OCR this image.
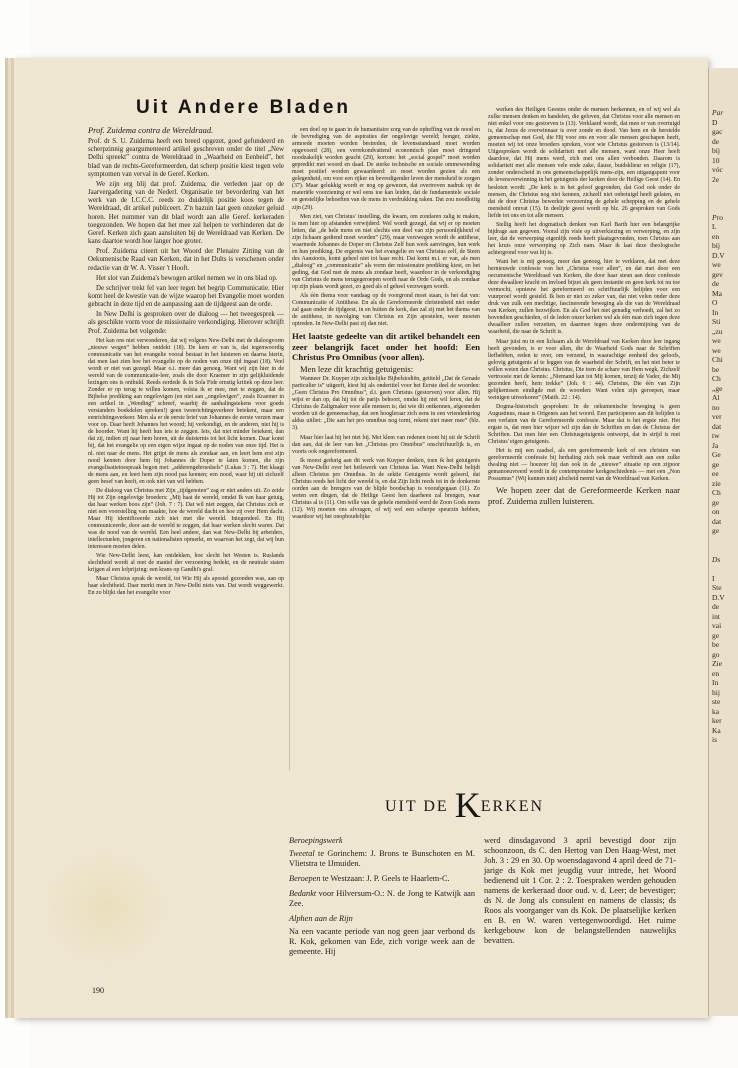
Uit Andere Bladen
Prof. Zuidema contra de Wereldraad.

Prof. dr S. U. Zuidema heeft een breed opgezet, goed gefundeerd en scherpzinnig geargumenteerd artikel geschreven onder de titel „New Delhi spreekt” contra de Wereldraad in „Waarheid en Eenheid”, het blad van de rechts-Gereformeerden, dat scherp positie kiest tegen vele symptomen van verval in de Geref. Kerken.

We zijn erg blij dat prof. Zuidema, die verleden jaar op de Jaarvergadering van de Nederl. Organisatie ter bevordering van het werk van de I.C.C.C. reeds zo duidelijk positie koos tegen de Wereldraad, dit artikel publiceert. Z'n bazuin laat geen onzeker geluid horen. Het nummer van dit blad wordt aan alle Geref. kerkeraden toegezonden. We hopen dat het mee zal helpen te verhinderen dat de Geref. Kerken zich gaan aansluiten bij de Wereldraad van Kerken. De kans daartoe wordt hoe langer hoe groter.

Prof. Zuidema citeert uit het Woord der Plenaire Zitting van de Oekumenische Raad van Kerken, dat in het Dults is verschenen onder redactie van dr W. A. Visser 't Hooft.

Het slot van Zuidema's bewogen artikel nemen we in ons blad op.

De schrijver trekt fel van leer tegen het begrip Communicatie. Hier komt heel de kwestie van de wijze waarop het Evangelie moet worden gebracht in deze tijd en de aanpassing aan de tijdgeest aan de orde.

In New Delhi is gesproken over de dialoog — het tweegesprek — als geschikte vorm voor de missionaire verkondiging. Hierover schrijft Prof. Zuidema het volgende:

Het kan ons niet verwonderen, dat wij volgens New-Delhi met de dialoogvorm „nieuwe wegen” hebben ontdekt (18). De kern er van is, dat tegenwoordig communicatie van het evangelie vooral bestaat in het luisteren en daarna hierin, dat men laat zien hoe het evangelie op de noden van onze tijd ingaat (18). Veel wordt er niet van gezegd. Maar o.i. meer dan genoeg. Want wij zijn hier in de wereld van de communicatie-leer, zoals die door Kraemer in zijn gelijkluidende lezingen ons is onthuld. Reeds eerdede ik in Sola Fide ernstig kritiek op deze leer. Zonder er op terug te willen komen, volsta ik er mee, met te zeggen, dat de Bijbelse prediking aan ongelovigen (en niet aan „ongelovigen”, zoals Kraemer in een artikel in „Wending” schreef, waarbij de aanhalingstekens voor goede verstanders boekdelen spreken!) geen tweerichtingsverkeer betekent, maar een eenrichtingsverkeer. Men sla er de eerste brief van Johannes de eerste verzen maar voor op. Daar heeft Johannes het woord; hij verkondigt, en de anderen, niet hij is de hoorder. Want hij heeft hun iets te zeggen. Iets, dat niet minder betekent, dan dat zij, indien zij naar hem horen, uit de duisternis tot het licht komen. Daar komt bij, dat het evangelie op een eigen wijze ingaat op de noden van onze tijd. Het is nl. niet naar de mens. Het grijpt de mens als zondaar aan, en leert hem erst zijn nood kennen door hem bij Johannes de Doper te laten komen, die zijn evangelisatietoespraak begon met: „adderengebroedsels” (Lukas 3 : 7). Het klaagt de mens aan, en leert hem zijn nood pas kennen; een nood, waar hij uit zichzelf geen besef van heeft, en ook niet van wil hebben.

De dialoog van Christus met Zijn „tijdgenoten” zag er niet anders uit. Zo zeide Hij tot Zijn ongelovige broeders: „Mij haat de wereld, omdat Ik van haar getuig, dat haar werken boos zijn” (Joh. 7 : 7). Dat wil niet zeggen, dat Christus zich er niet een voorstelling van maakte, hoe de wereld dacht en hoe zij over Hem dacht. Maar Hij identificeerde zich niet met die wereld. Integendeel. En Hij communiceerde, door aan de wereld te zeggen, dat haar werken slecht waren. Dat was de nood van de wereld. Een heel andere, dan wat New-Delhi bij arbeiders, intellectuelen, jongeren en nationalisten opmerkt, en waarvan het zegt, dat wij hun interessen moeten delen.

Wie New-Delhi leest, kan ontdekken, hoe slecht het Westen is. Ruslands slechtheid wordt al met de mantel der verzoening bedekt, en de neutrale staten krijgen al een lofprijzing: een krans op Gandhi's graf.

Maar Christus sprak de wereld, tot Wie Hij als apostel gezonden was, aan op haar slechtheid. Daar merkt men in New-Delhi niets van. Dat wordt weggewerkt. En zo blijkt dan het evangelie voor

een doel op te gaan in de humanitaire zorg van de opheffing van de nood en de bevrediging van de aspiraties der ongelovige wereld; honger, ziekte, armoede moeten worden bestreden, de levensstandaard moet worden opgevoerd (28), een verrekondvattend economisch plan moet dringend noodzakelijk worden geacht (29), kortom: het „social gospel” moet worden gepredikt met woord en daad. De sterke technische en sociale ommewending moet positief worden gewaardeerd: zo moet worden gezien als een gelegenheid, om voor een rijker en bevredigender leven der mensheid te zorgen (37). Maar gelukkig wordt er nog op gewezen, dat overtreven nadruk op de materiële voorziening er wel eens toe kan leiden, dat de fundamentele sociale en geestelijke behoeften van de mens in verdrukking raken. Dat zou noodlottig zijn (29).

Men ziet, van Christus' instelling, die kwam, om zondaren zalig te maken, is men hier op afstanden verwijderd. Wel wordt gezegd, dat wij er op moeten letten, dat „de hele mens en niet slechts een deel van zijn persoonlijkheid of zijn lichaam gediend moet worden” (29), maar verzwegen wordt de antithese, waarmede Johannes de Doper en Christus Zelf hun werk aanvingen, hun werk en hun prediking. De ergernis van het evangelie en van Christus zelf, de Steen des Aanstoots, komt geheel niet tot haar recht. Dat komt m.i. er van, als men „dialoog” en „communicatie” als vorm der missionaire prediking kiest, en het geding, dat God met de mens als zondaar heeft, waardoor in de verkondiging van Christus de mens terugegeroepen wordt naar de Orde Gods, en als zondaar op zijn plaats wordt gezet, zo goed als of geheel verzwegen wordt.

Als één thema voor vandaag op de voorgrond moet staan, is het dat van: Communicatie of Antithese. En als de Gereformeerde christenheid niet onder zal gaan onder de tijdgeest, in en buiten de kerk, dan zal zij met het thema van de antithese, in navolging van Christus en Zijn apostelen, weer moeten optreden. In New-Delhi past zij dan niet.

Het laatste gedeelte van dit artikel behandelt een zeer belangrijk facet onder het hoofd: Een Christus Pro Omnibus (voor allen).

Men leze dit krachtig getuigenis:

Wanneer Dr. Kuyper zijn zichtelijke Bijbelstodiën, getiteld „Dat de Genade particulier is” uitgeeft, kiest hij als ondertitel voor het Eerste deel de woorden: „Geen Christus Pro Omnibus”, d.i. geen Christus (gestorven) voor allen. Hij wijst er dan op, dat hij tot de parijs behoort, omdat hij niet wil leren, dat de Christus de Zaligmaker voor alle mensen is; dat wie dit ontkennen, afgesneden worden uit de gemeenschap, dat een hoogleraar zich eens in een vriendenkring aldus uitliet: „Die aan het pro omnibus nog tornt, rekent niet meer mee” (blz. 3).

Maar hier laat hij het niet bij. Met klem van redenen toont hij uit de Schrift dan aan, dat de leer van het „Christus pro Omnibus” onschriftuurlijk is, en voorts ook ongereformeerd.

Ik moest gedurig aan dit werk van Kuyper denken, toen ik het getuigenis van New-Delhi over het heilswerk van Christus las. Want New-Delhi belijdt alleen Christus pro Omnibus. In de sektie Getuigenis wordt geleerd, dat Christus reeds het licht der wereld is, en dat Zijn licht reeds tot in de donkerste oorden aan de brengers van de blijde boodschap is voorafgegaan (11). Zo weten een dingen, dat de Heilige Geest hen daarheen zal brengen, waar Christus al is (11). Om wille van de gehele mensheid werd de Zoon Gods mens (12). Wij moeten ons afvragen, of wij wel een scherpe speurzin hebben, waardoor wij het onophoudelijke

werken des Heiligen Geestes onder de mensen herkennen, en of wij wel als zulke mensen denken en handelen, die geloven, dat Christus voor alle mensen en niet enkel voor ons gestorven is (13). Verklaard wordt, dat men er van overtuigd is, dat Jezus de overwinnaar is over zonde en dood. Van hem en de herstelde gemeenschap met God, die Hij voor ons en voor alle mensen geschapen heeft, moeten wij tot onze broeders spreken, voor wie Christus gestorven is (13/14). Uitgesproken wordt de solidariteit met alle mensen, want onze Heer heeft daardoor, dat Hij mens werd, zich met ons allen verbonden. Daarom is solidariteit met alle mensen vele ende zake, tlause, buidsklieur en religie (17), zonder onderscheid in ons gemeenschappelijk mens-zijn, een uitgangspunt voor de levensverwinning in het getuigenis der kerken door de Heilige Geest (14). En besloten wordt: „De kerk is in het geloof gegronden, dat God ook onder de mensen, die Christus nog niet kennen, zichzelf niet onbetuigd heeft gelaten, en dat de door Christus bewerkte verzoening de gehele schepping en de gehele mensheid omvat (15). In deelijde geest wordt op blz. 26 gesproken van Gods liefde tot ons en tot alle mensen.

Stellig heeft het dogmatisch denken van Karl Barth hier een belangrijke bijdrage aan gegeven. Vooral zijn visie op uitverkiezing en verwerping, en zijn leer, dat de verwerping eigenlijk reeds heeft plaatsgevonden, toen Christus aan het kruis onze verwerping op Zich nam. Maar ik laat deze theologische achtergrond voor wat hij is.

Want het is mij genoeg, meer dan genoeg, hier te verklaren, dat met deze hernieuwde confessie van het „Christus voor allen”, en dat met door een oecumenische Wereldraad van Kerken, die door haar steun aan deze confessie deze dwaalleer kracht en invloed bijzet als geen instantie en geen kerk tot nu toe vermocht, opnieuw het gereformeerd en schriftuurlijk belijden voor een vuurproef wordt gesteld. Ik ben er niet zo zeker van, dat niet velen onder deze druk van zulk een mechtige, fascinerende beweging als die van de Wereldraad van Kerken, zullen bezwijken. En als God het niet genadig verhoedt, zal het zo bovendien geschieden, of de leden onzer kerken wel als één man zich tegen deze dwaalleer zullen verzetten, en daarmee tegen deze ondermijning van de waarheid, die naar de Schrift is.

Maar juist nu in een lichaam als de Wereldraad van Kerken deze leer ingang heeft gevonden, is er voor allen, die de Waarheid Gods naar de Schriften liefhebben, reden te over, om verzend, in waarachtige eenheid des geloofs, gelovig getuigenis af te leggen van de waarheid der Schrift, en het niet beter te willen weten dan Christus. Christus, Die toen de schare van Hem wegk, Zichzelf vertrooste met de kennis: „Niemand kan tot Mij komen, tenzij de Vader, die Mij gezonden heeft, hem trekke” (Joh. 6 : 44). Christus, Die één van Zijn gelijkenissen eindigde met de woorden: Want velen zijn geroepen, maar weinigen uitverkoren” (Matth. 22 : 14).

Dogma-historisch gesproken: In de oekumenische beweging is geen Augustinus, maar is Origenes aan het woord. Een participeren aan dit belijden is een verlaten van de Gereformeerde confessie. Maar dat is het ergste niet. Het ergste is, dat men hier wijzer wil zijn dan de Schriften en dan de Christus der Schriften. Dat men hier een Christusgetuigenis ontwerpt, dat in strijd is met Christus' eigen getuigenis.

Het is mij een raadsel, als een gereformeerde kerk of een christen van gereformeerde confessie bij herhaling zich ook maar verbindt aan een zulke dwaling niet — hoezeer hij dan ook in de „nieuwe” situatie op een zijpoor gemanoeuvreerd wordt in de contemporaine kerkgeschiedenis — met een „Non Possumus” (Wij kunnen niet) afscheid neemt van de Wereldraad van Kerken.

We hopen zeer dat de Gereformeerde Kerken naar prof. Zuidema zullen luisteren.

UIT DE KERKEN
Beroepingswerk

Tweetal te Gorinchem: J. Brons te Bunschoten en M. Vlietstra te IJmuiden.

Beroepen te Westzaan: J. P. Geels te Haarlem-C.

Bedankt voor Hilversum-O.: N. de Jong te Katwijk aan Zee.

Alphen aan de Rijn

Na een vacante periode van nog geen jaar verbond ds R. Kok, gekomen van Ede, zich vorige week aan de gemeente. Hij

werd dinsdagavond 3 april bevestigd door zijn schoonzoon, ds C. den Hertog van Den Haag-West, met Joh. 3 : 29 en 30. Op woensdagavond 4 april deed de 71-jarige ds Kok met jeugdig vuur intrede, het Woord bedienend uit 1 Cor. 2 : 2. Toespraken werden gehouden namens de kerkeraad door oud. v. d. Leer; de bevestiger; ds N. de Jong als consulent en namens de classis; ds Roos als voorganger van ds Kok. De plaatselijke kerken en B. en W. waren vertegenwoordigd. Het ruime kerkgebouw kon de belangstellenden nauwelijks bevatten.

190
Par
D
gac
de
bij
10
vóc
2e
Pro
L
en
bij
D.V
we
gev
de
Ma
O
In
Sti
„zu
we
we
Chi
be
Ch
„ge
Al
no
ver
dat
tw
Ja
Ge
ge
ee
zie
Ch
ge
on
dat
ge
Ds
I
Ste
D.V
de
int
vai
ge
be
go
Zie
en
In
hij
ste
ka
ker
Ka
is
